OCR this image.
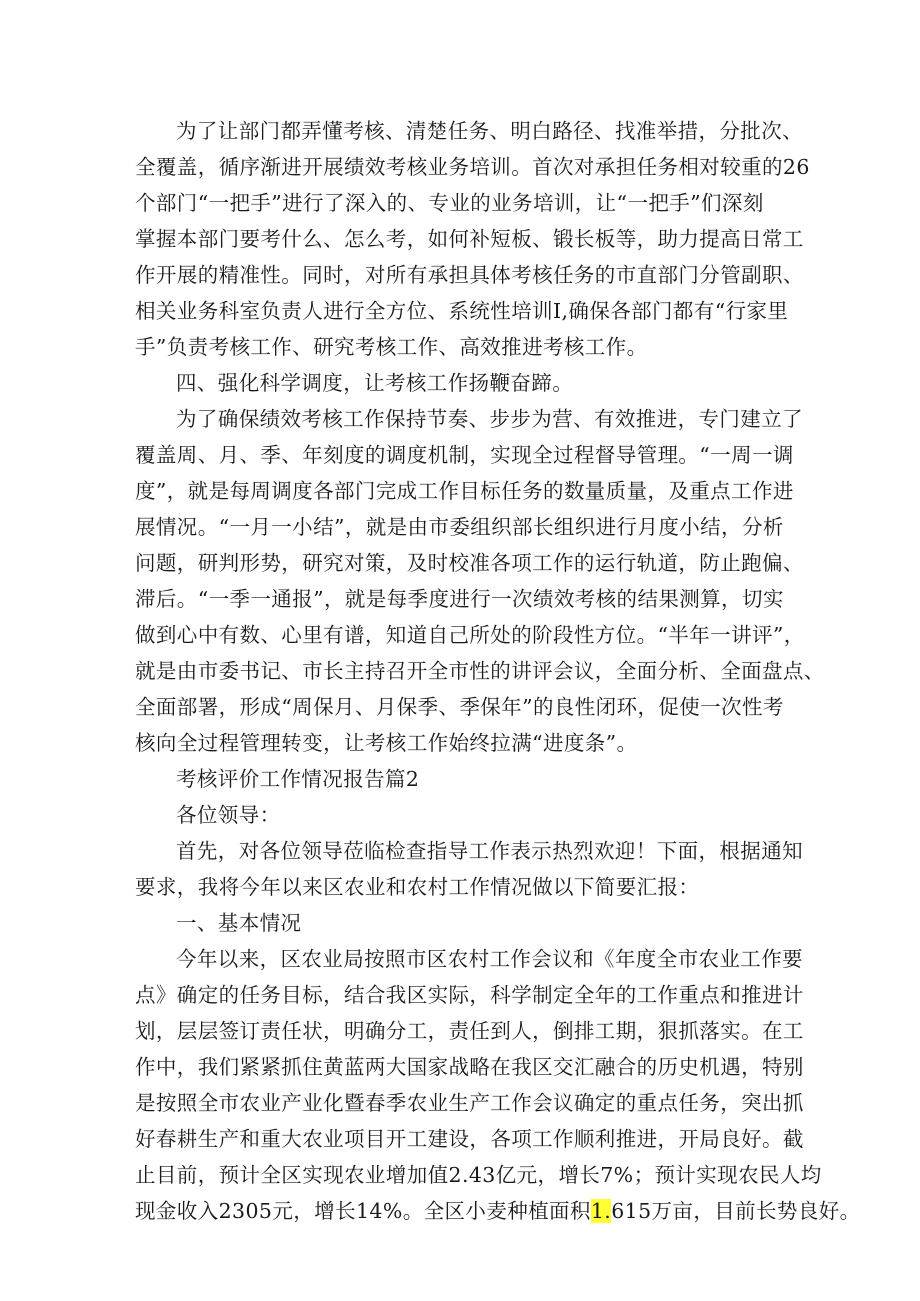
为了让部门都弄懂考核、清楚任务、明白路径、找准举措，分批次、
全覆盖，循序渐进开展绩效考核业务培训。首次对承担任务相对较重的26
个部门“一把手”进行了深入的、专业的业务培训，让“一把手”们深刻
掌握本部门要考什么、怎么考，如何补短板、锻长板等，助力提高日常工
作开展的精准性。同时，对所有承担具体考核任务的市直部门分管副职、
相关业务科室负责人进行全方位、系统性培训I,确保各部门都有“行家里
手”负责考核工作、研究考核工作、高效推进考核工作。
四、强化科学调度，让考核工作扬鞭奋蹄。
为了确保绩效考核工作保持节奏、步步为营、有效推进，专门建立了
覆盖周、月、季、年刻度的调度机制，实现全过程督导管理。“一周一调
度”，就是每周调度各部门完成工作目标任务的数量质量，及重点工作进
展情况。“一月一小结”，就是由市委组织部长组织进行月度小结，分析
问题，研判形势，研究对策，及时校准各项工作的运行轨道，防止跑偏、
滞后。“一季一通报”，就是每季度进行一次绩效考核的结果测算，切实
做到心中有数、心里有谱，知道自己所处的阶段性方位。“半年一讲评”，
就是由市委书记、市长主持召开全市性的讲评会议，全面分析、全面盘点、
全面部署，形成“周保月、月保季、季保年”的良性闭环，促使一次性考
核向全过程管理转变，让考核工作始终拉满“进度条”。
考核评价工作情况报告篇2
各位领导：
首先，对各位领导莅临检查指导工作表示热烈欢迎！下面，根据通知
要求，我将今年以来区农业和农村工作情况做以下简要汇报：
一、基本情况
今年以来，区农业局按照市区农村工作会议和《年度全市农业工作要
点》确定的任务目标，结合我区实际，科学制定全年的工作重点和推进计
划，层层签订责任状，明确分工，责任到人，倒排工期，狠抓落实。在工
作中，我们紧紧抓住黄蓝两大国家战略在我区交汇融合的历史机遇，特别
是按照全市农业产业化暨春季农业生产工作会议确定的重点任务，突出抓
好春耕生产和重大农业项目开工建设，各项工作顺利推进，开局良好。截
止目前，预计全区实现农业增加值2.43亿元，增长7%；预计实现农民人均
现金收入2305元，增长14%。全区小麦种植面积1.615万亩，目前长势良好。
